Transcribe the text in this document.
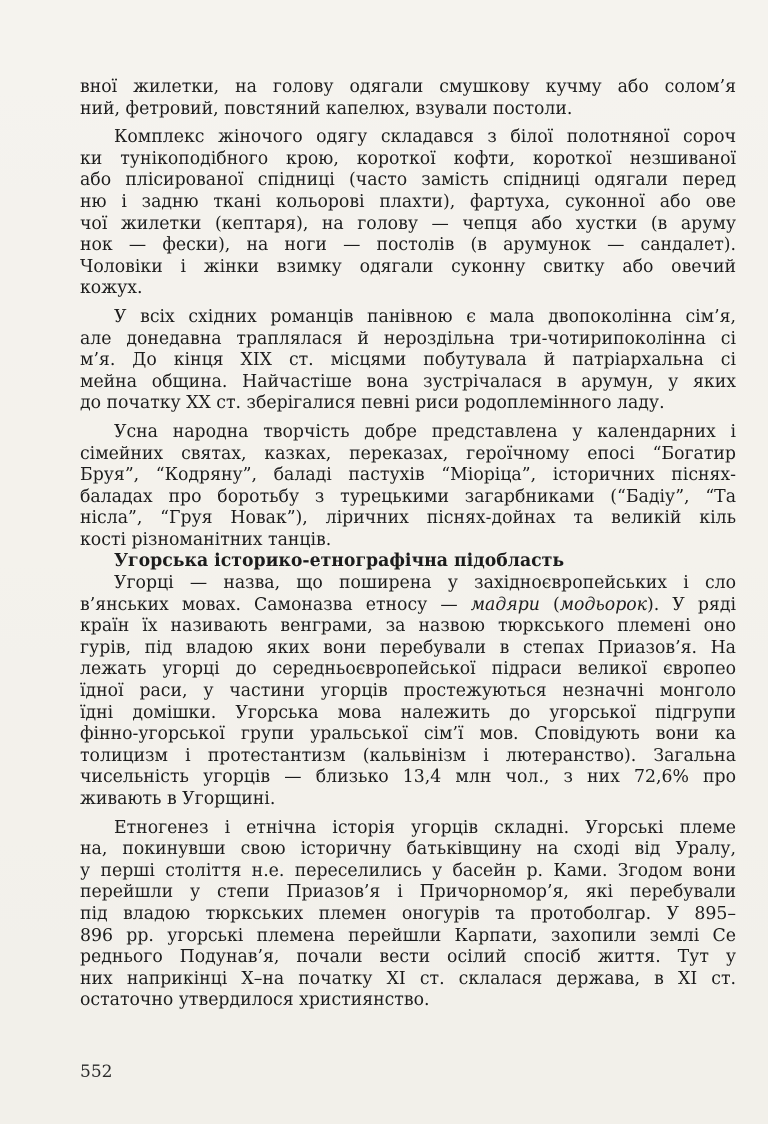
вної жилетки, на голову одягали смушкову кучму або солом’я
ний, фетровий, повстяний капелюх, взували постоли.
Комплекс жіночого одягу складався з білої полотняної сороч
ки тунікоподібного крою, короткої кофти, короткої незшиваної
або плісированої спідниці (часто замість спідниці одягали перед
ню і задню ткані кольорові плахти), фартуха, суконної або ове
чої жилетки (кептаря), на голову — чепця або хустки (в аруму
нок — фески), на ноги — постолів (в арумунок — сандалет).
Чоловіки і жінки взимку одягали суконну свитку або овечий
кожух.
У всіх східних романців панівною є мала двопоколінна сім’я,
але донедавна траплялася й нероздільна три-чотирипоколінна сі
м’я. До кінця XIX ст. місцями побутувала й патріархальна сі
мейна община. Найчастіше вона зустрічалася в арумун, у яких
до початку XX ст. зберігалися певні риси родоплемінного ладу.
Усна народна творчість добре представлена у календарних і
сімейних святах, казках, переказах, героїчному епосі “Богатир
Бруя”, “Кодряну”, баладі пастухів “Міоріца”, історичних піснях-
баладах про боротьбу з турецькими загарбниками (“Бадіу”, “Та
нісла”, “Груя Новак”), ліричних піснях-дойнах та великій кіль
кості різноманітних танців.
Угорська історико-етнографічна підобласть
Угорці — назва, що поширена у західноєвропейських і сло
в’янських мовах. Самоназва етносу — мадяри (модьорок). У ряді
країн їх називають венграми, за назвою тюркського племені оно
гурів, під владою яких вони перебували в степах Приазов’я. На
лежать угорці до середньоєвропейської підраси великої європео
їдної раси, у частини угорців простежуються незначні монголо
їдні домішки. Угорська мова належить до угорської підгрупи
фінно-угорської групи уральської сім’ї мов. Сповідують вони ка
толицизм і протестантизм (кальвінізм і лютеранство). Загальна
чисельність угорців — близько 13,4 млн чол., з них 72,6% про
живають в Угорщині.
Етногенез і етнічна історія угорців складні. Угорські племе
на, покинувши свою історичну батьківщину на сході від Уралу,
у перші століття н.е. переселились у басейн р. Ками. Згодом вони
перейшли у степи Приазов’я і Причорномор’я, які перебували
під владою тюркських племен оногурів та протоболгар. У 895–
896 рр. угорські племена перейшли Карпати, захопили землі Се
реднього Подунав’я, почали вести осілий спосіб життя. Тут у
них наприкінці X–на початку XI ст. склалася держава, в XI ст.
остаточно утвердилося християнство.
552
